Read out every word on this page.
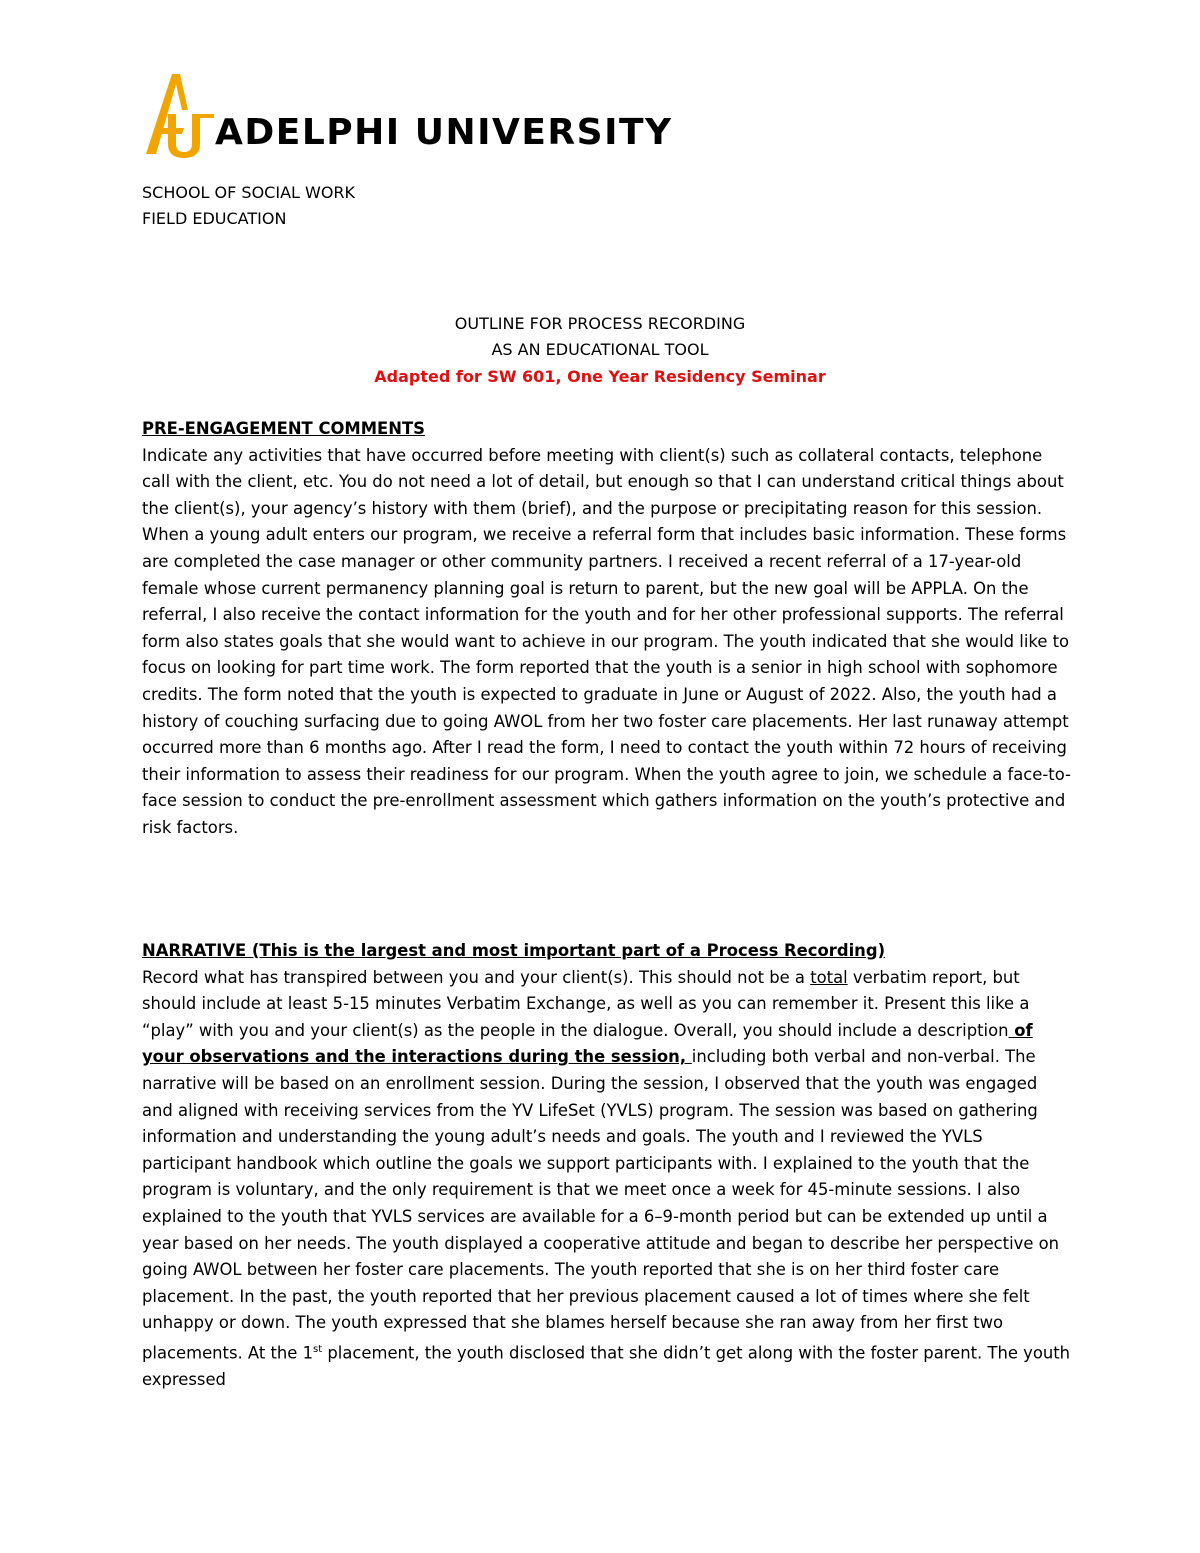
ADELPHI UNIVERSITY
SCHOOL OF SOCIAL WORK
FIELD EDUCATION
OUTLINE FOR PROCESS RECORDING
AS AN EDUCATIONAL TOOL
Adapted for SW 601, One Year Residency Seminar
PRE-ENGAGEMENT COMMENTS

Indicate any activities that have occurred before meeting with client(s) such as collateral contacts, telephone call with the client, etc. You do not need a lot of detail, but enough so that I can understand critical things about the client(s), your agency’s history with them (brief), and the purpose or precipitating reason for this session.

When a young adult enters our program, we receive a referral form that includes basic information. These forms are completed the case manager or other community partners. I received a recent referral of a 17-year-old female whose current permanency planning goal is return to parent, but the new goal will be APPLA. On the referral, I also receive the contact information for the youth and for her other professional supports. The referral form also states goals that she would want to achieve in our program. The youth indicated that she would like to focus on looking for part time work. The form reported that the youth is a senior in high school with sophomore credits. The form noted that the youth is expected to graduate in June or August of 2022. Also, the youth had a history of couching surfacing due to going AWOL from her two foster care placements. Her last runaway attempt occurred more than 6 months ago. After I read the form, I need to contact the youth within 72 hours of receiving their information to assess their readiness for our program. When the youth agree to join, we schedule a face-to-face session to conduct the pre-enrollment assessment which gathers information on the youth’s protective and risk factors.

NARRATIVE (This is the largest and most important part of a Process Recording)

Record what has transpired between you and your client(s). This should not be a total verbatim report, but should include at least 5-15 minutes Verbatim Exchange, as well as you can remember it. Present this like a “play” with you and your client(s) as the people in the dialogue. Overall, you should include a description of your observations and the interactions during the session, including both verbal and non-verbal. The narrative will be based on an enrollment session. During the session, I observed that the youth was engaged and aligned with receiving services from the YV LifeSet (YVLS) program. The session was based on gathering information and understanding the young adult’s needs and goals. The youth and I reviewed the YVLS participant handbook which outline the goals we support participants with. I explained to the youth that the program is voluntary, and the only requirement is that we meet once a week for 45-minute sessions. I also explained to the youth that YVLS services are available for a 6–9-month period but can be extended up until a year based on her needs. The youth displayed a cooperative attitude and began to describe her perspective on going AWOL between her foster care placements. The youth reported that she is on her third foster care placement. In the past, the youth reported that her previous placement caused a lot of times where she felt unhappy or down. The youth expressed that she blames herself because she ran away from her first two placements. At the 1st placement, the youth disclosed that she didn’t get along with the foster parent. The youth expressed
